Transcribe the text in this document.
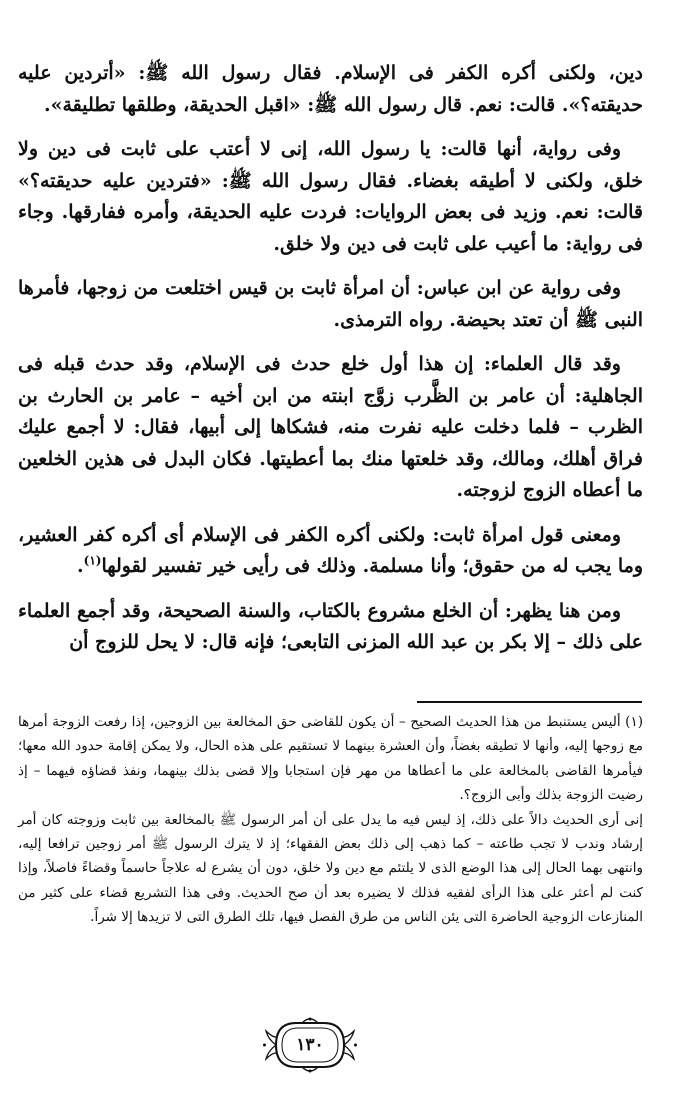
دين، ولكنى أكره الكفر فى الإسلام. فقال رسول الله ﷺ: «أتردين عليه حديقته؟». قالت: نعم. قال رسول الله ﷺ: «اقبل الحديقة، وطلقها تطليقة».

وفى رواية، أنها قالت: يا رسول الله، إنى لا أعتب على ثابت فى دين ولا خلق، ولكنى لا أطيقه بغضاء. فقال رسول الله ﷺ: «فتردين عليه حديقته؟» قالت: نعم. وزيد فى بعض الروايات: فردت عليه الحديقة، وأمره ففارقها. وجاء فى رواية: ما أعيب على ثابت فى دين ولا خلق.

وفى رواية عن ابن عباس: أن امرأة ثابت بن قيس اختلعت من زوجها، فأمرها النبى ﷺ أن تعتد بحيضة. رواه الترمذى.

وقد قال العلماء: إن هذا أول خلع حدث فى الإسلام، وقد حدث قبله فى الجاهلية: أن عامر بن الظَّرب زوَّج ابنته من ابن أخيه – عامر بن الحارث بن الظرب – فلما دخلت عليه نفرت منه، فشكاها إلى أبيها، فقال: لا أجمع عليك فراق أهلك، ومالك، وقد خلعتها منك بما أعطيتها. فكان البدل فى هذين الخلعين ما أعطاه الزوج لزوجته.

ومعنى قول امرأة ثابت: ولكنى أكره الكفر فى الإسلام أى أكره كفر العشير، وما يجب له من حقوق؛ وأنا مسلمة. وذلك فى رأيى خير تفسير لقولها$^{(١)}$.

ومن هنا يظهر: أن الخلع مشروع بالكتاب، والسنة الصحيحة، وقد أجمع العلماء على ذلك – إلا بكر بن عبد الله المزنى التابعى؛ فإنه قال: لا يحل للزوج أن

(١) أليس يستنبط من هذا الحديث الصحيح – أن يكون للقاضى حق المخالعة بين الزوجين، إذا رفعت الزوجة أمرها مع زوجها إليه، وأنها لا تطيقه بغضاً، وأن العشرة بينهما لا تستقيم على هذه الحال، ولا يمكن إقامة حدود الله معها؛ فيأمرها القاضى بالمخالعة على ما أعطاها من مهر فإن استجابا وإلا قضى بذلك بينهما، ونفذ قضاؤه فيهما – إذ رضيت الزوجة بذلك وأبى الزوج؟.

إنى أرى الحديث دالاً على ذلك، إذ ليس فيه ما يدل على أن أمر الرسول ﷺ بالمخالعة بين ثابت وزوجته كان أمر إرشاد وندب لا تجب طاعته – كما ذهب إلى ذلك بعض الفقهاء؛ إذ لا يترك الرسول ﷺ أمر زوجين ترافعا إليه، وانتهى بهما الحال إلى هذا الوضع الذى لا يلتئم مع دين ولا خلق، دون أن يشرع له علاجاً حاسماً وقضاءً فاصلاً، وإذا كنت لم أعثر على هذا الرأى لفقيه فذلك لا يضيره بعد أن صح الحديث. وفى هذا التشريع قضاء على كثير من المنازعات الزوجية الحاضرة التى يئن الناس من طرق الفصل فيها، تلك الطرق التى لا تزيدها إلا شراً.

١٣٠
